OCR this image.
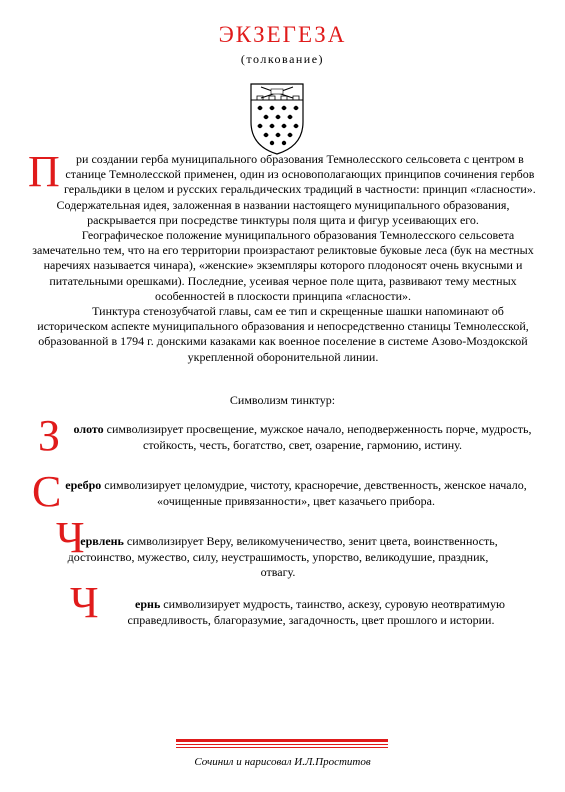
ЭКЗЕГЕЗА
(толкование)

П ри создании герба муниципального образования Темнолесского сельсовета с центром в станице Темнолесской применен, один из основополагающих принципов сочинения гербов геральдики в целом и русских геральдических традиций в частности: принцип «гласности». Содержательная идея, заложенная в названии настоящего муниципального образования, раскрывается при посредстве тинктуры поля щита и фигур усеивающих его.

Географическое положение муниципального образования Темнолесского сельсовета замечательно тем, что на его территории произрастают реликтовые буковые леса (бук на местных наречиях называется чинара), «женские» экземпляры которого плодоносят очень вкусными и питательными орешками). Последние, усеивая черное поле щита, развивают тему местных особенностей в плоскости принципа «гласности».

Тинктура стенозубчатой главы, сам ее тип и скрещенные шашки напоминают об историческом аспекте муниципального образования и непосредственно станицы Темнолесской, образованной в 1794 г. донскими казаками как военное поселение в системе Азово-Моздокской укрепленной оборонительной линии.

Символизм тинктур:
З олото символизирует просвещение, мужское начало, неподверженность порче, мудрость, стойкость, честь, богатство, свет, озарение, гармонию, истину.
С еребро символизирует целомудрие, чистоту, красноречие, девственность, женское начало, «очищенные привязанности», цвет казачьего прибора.
Ч
ервлень символизирует Веру, великомученичество, зенит цвета, воинственность, достоинство, мужество, силу, неустрашимость, упорство, великодушие, праздник, отвагу.
Ч	ернь символизирует мудрость, таинство, аскезу, суровую неотвратимую справедливость, благоразумие, загадочность, цвет прошлого и истории.
Сочинил и нарисовал И.Л.Проститов
